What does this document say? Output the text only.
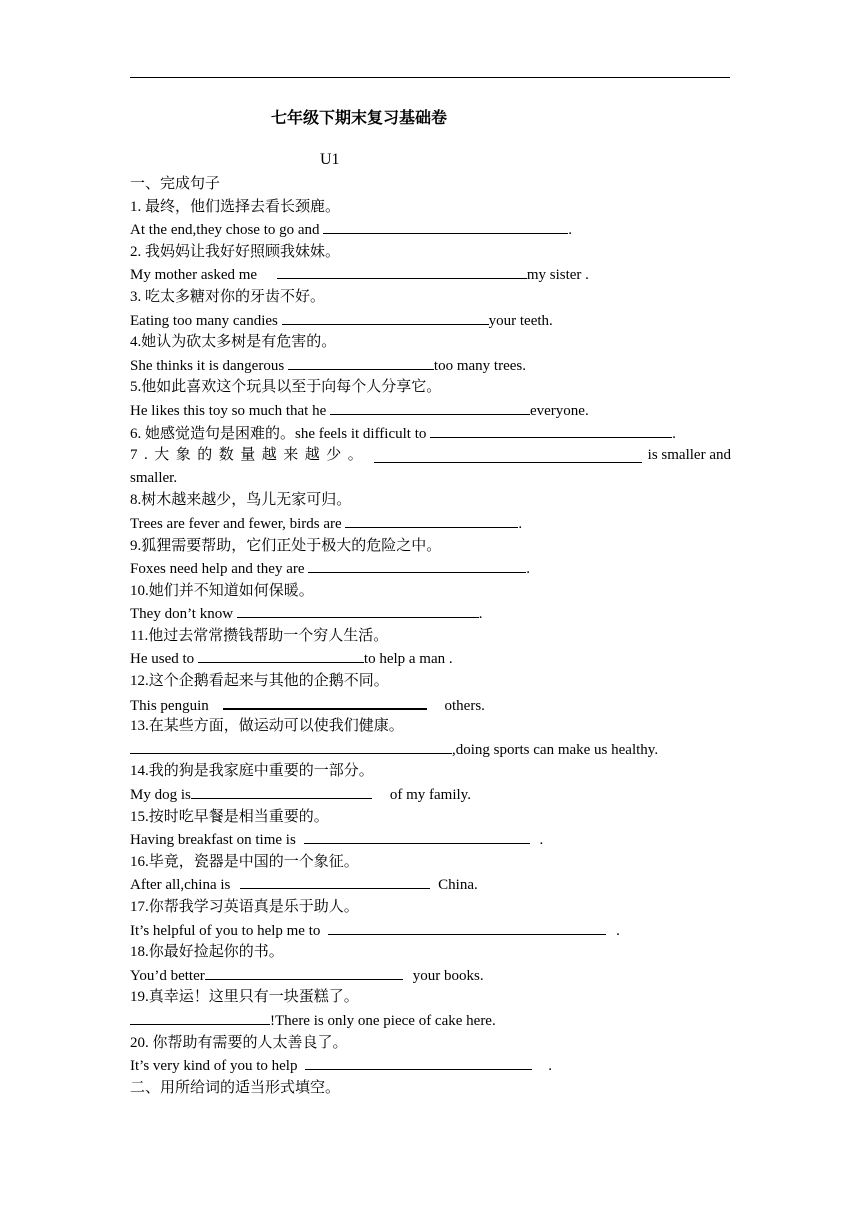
七年级下期末复习基础卷
U1
一、完成句子
1. 最终，他们选择去看长颈鹿。
At the end,they chose to go and	.
2. 我妈妈让我好好照顾我妹妹。
My mother asked me	my sister .
3. 吃太多糖对你的牙齿不好。
Eating too many candies	your teeth.
4.她认为砍太多树是有危害的。
She thinks it is dangerous	too many trees.
5.他如此喜欢这个玩具以至于向每个人分享它。
He likes this toy so much that he	everyone.
6. 她感觉造句是困难的。she feels it difficult to	.
7.大象的数量越来越少。	is smaller and
smaller.
8.树木越来越少，鸟儿无家可归。
Trees are fever and fewer, birds are	.
9.狐狸需要帮助，它们正处于极大的危险之中。
Foxes need help and they are	.
10.她们并不知道如何保暖。
They don’t know	.
11.他过去常常攒钱帮助一个穷人生活。
He used to	to help a man .
12.这个企鹅看起来与其他的企鹅不同。
This penguin	others.
13.在某些方面，做运动可以使我们健康。
,doing sports can make us healthy.
14.我的狗是我家庭中重要的一部分。
My dog is	of my family.
15.按时吃早餐是相当重要的。
Having breakfast on time is	.
16.毕竟，瓷器是中国的一个象征。
After all,china is	China.
17.你帮我学习英语真是乐于助人。
It’s helpful of you to help me to	.
18.你最好捡起你的书。
You’d better	your books.
19.真幸运！这里只有一块蛋糕了。
!There is only one piece of cake here.
20. 你帮助有需要的人太善良了。
It’s very kind of you to help	.
二、用所给词的适当形式填空。
